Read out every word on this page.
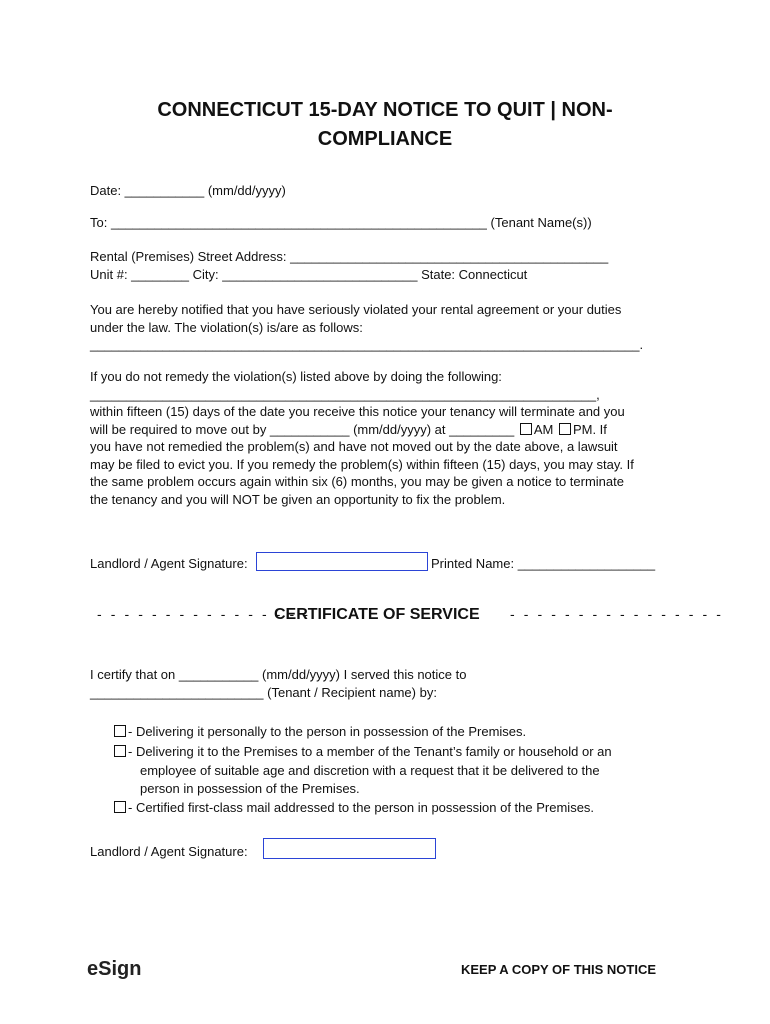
CONNECTICUT 15-DAY NOTICE TO QUIT | NON-
COMPLIANCE
Date: ___________ (mm/dd/yyyy)
To: ____________________________________________________ (Tenant Name(s))
Rental (Premises) Street Address: ____________________________________________
Unit #: ________ City: ___________________________ State: Connecticut
You are hereby notified that you have seriously violated your rental agreement or your duties
under the law. The violation(s) is/are as follows:
____________________________________________________________________________.
If you do not remedy the violation(s) listed above by doing the following:
______________________________________________________________________,
within fifteen (15) days of the date you receive this notice your tenancy will terminate and you
will be required to move out by ___________ (mm/dd/yyyy) at _________ AM PM. If
you have not remedied the problem(s) and have not moved out by the date above, a lawsuit
may be filed to evict you. If you remedy the problem(s) within fifteen (15) days, you may stay. If
the same problem occurs again within six (6) months, you may be given a notice to terminate
the tenancy and you will NOT be given an opportunity to fix the problem.
Landlord / Agent Signature:	Printed Name: ___________________
- - - - - - - - - - - - - - - -
CERTIFICATE OF SERVICE - - - - - - - - - - - - - - - -
I certify that on ___________ (mm/dd/yyyy) I served this notice to
________________________ (Tenant / Recipient name) by:
- Delivering it personally to the person in possession of the Premises.
- Delivering it to the Premises to a member of the Tenant’s family or household or an
employee of suitable age and discretion with a request that it be delivered to the
person in possession of the Premises.
- Certified first-class mail addressed to the person in possession of the Premises.
Landlord / Agent Signature:
eSign	KEEP A COPY OF THIS NOTICE
